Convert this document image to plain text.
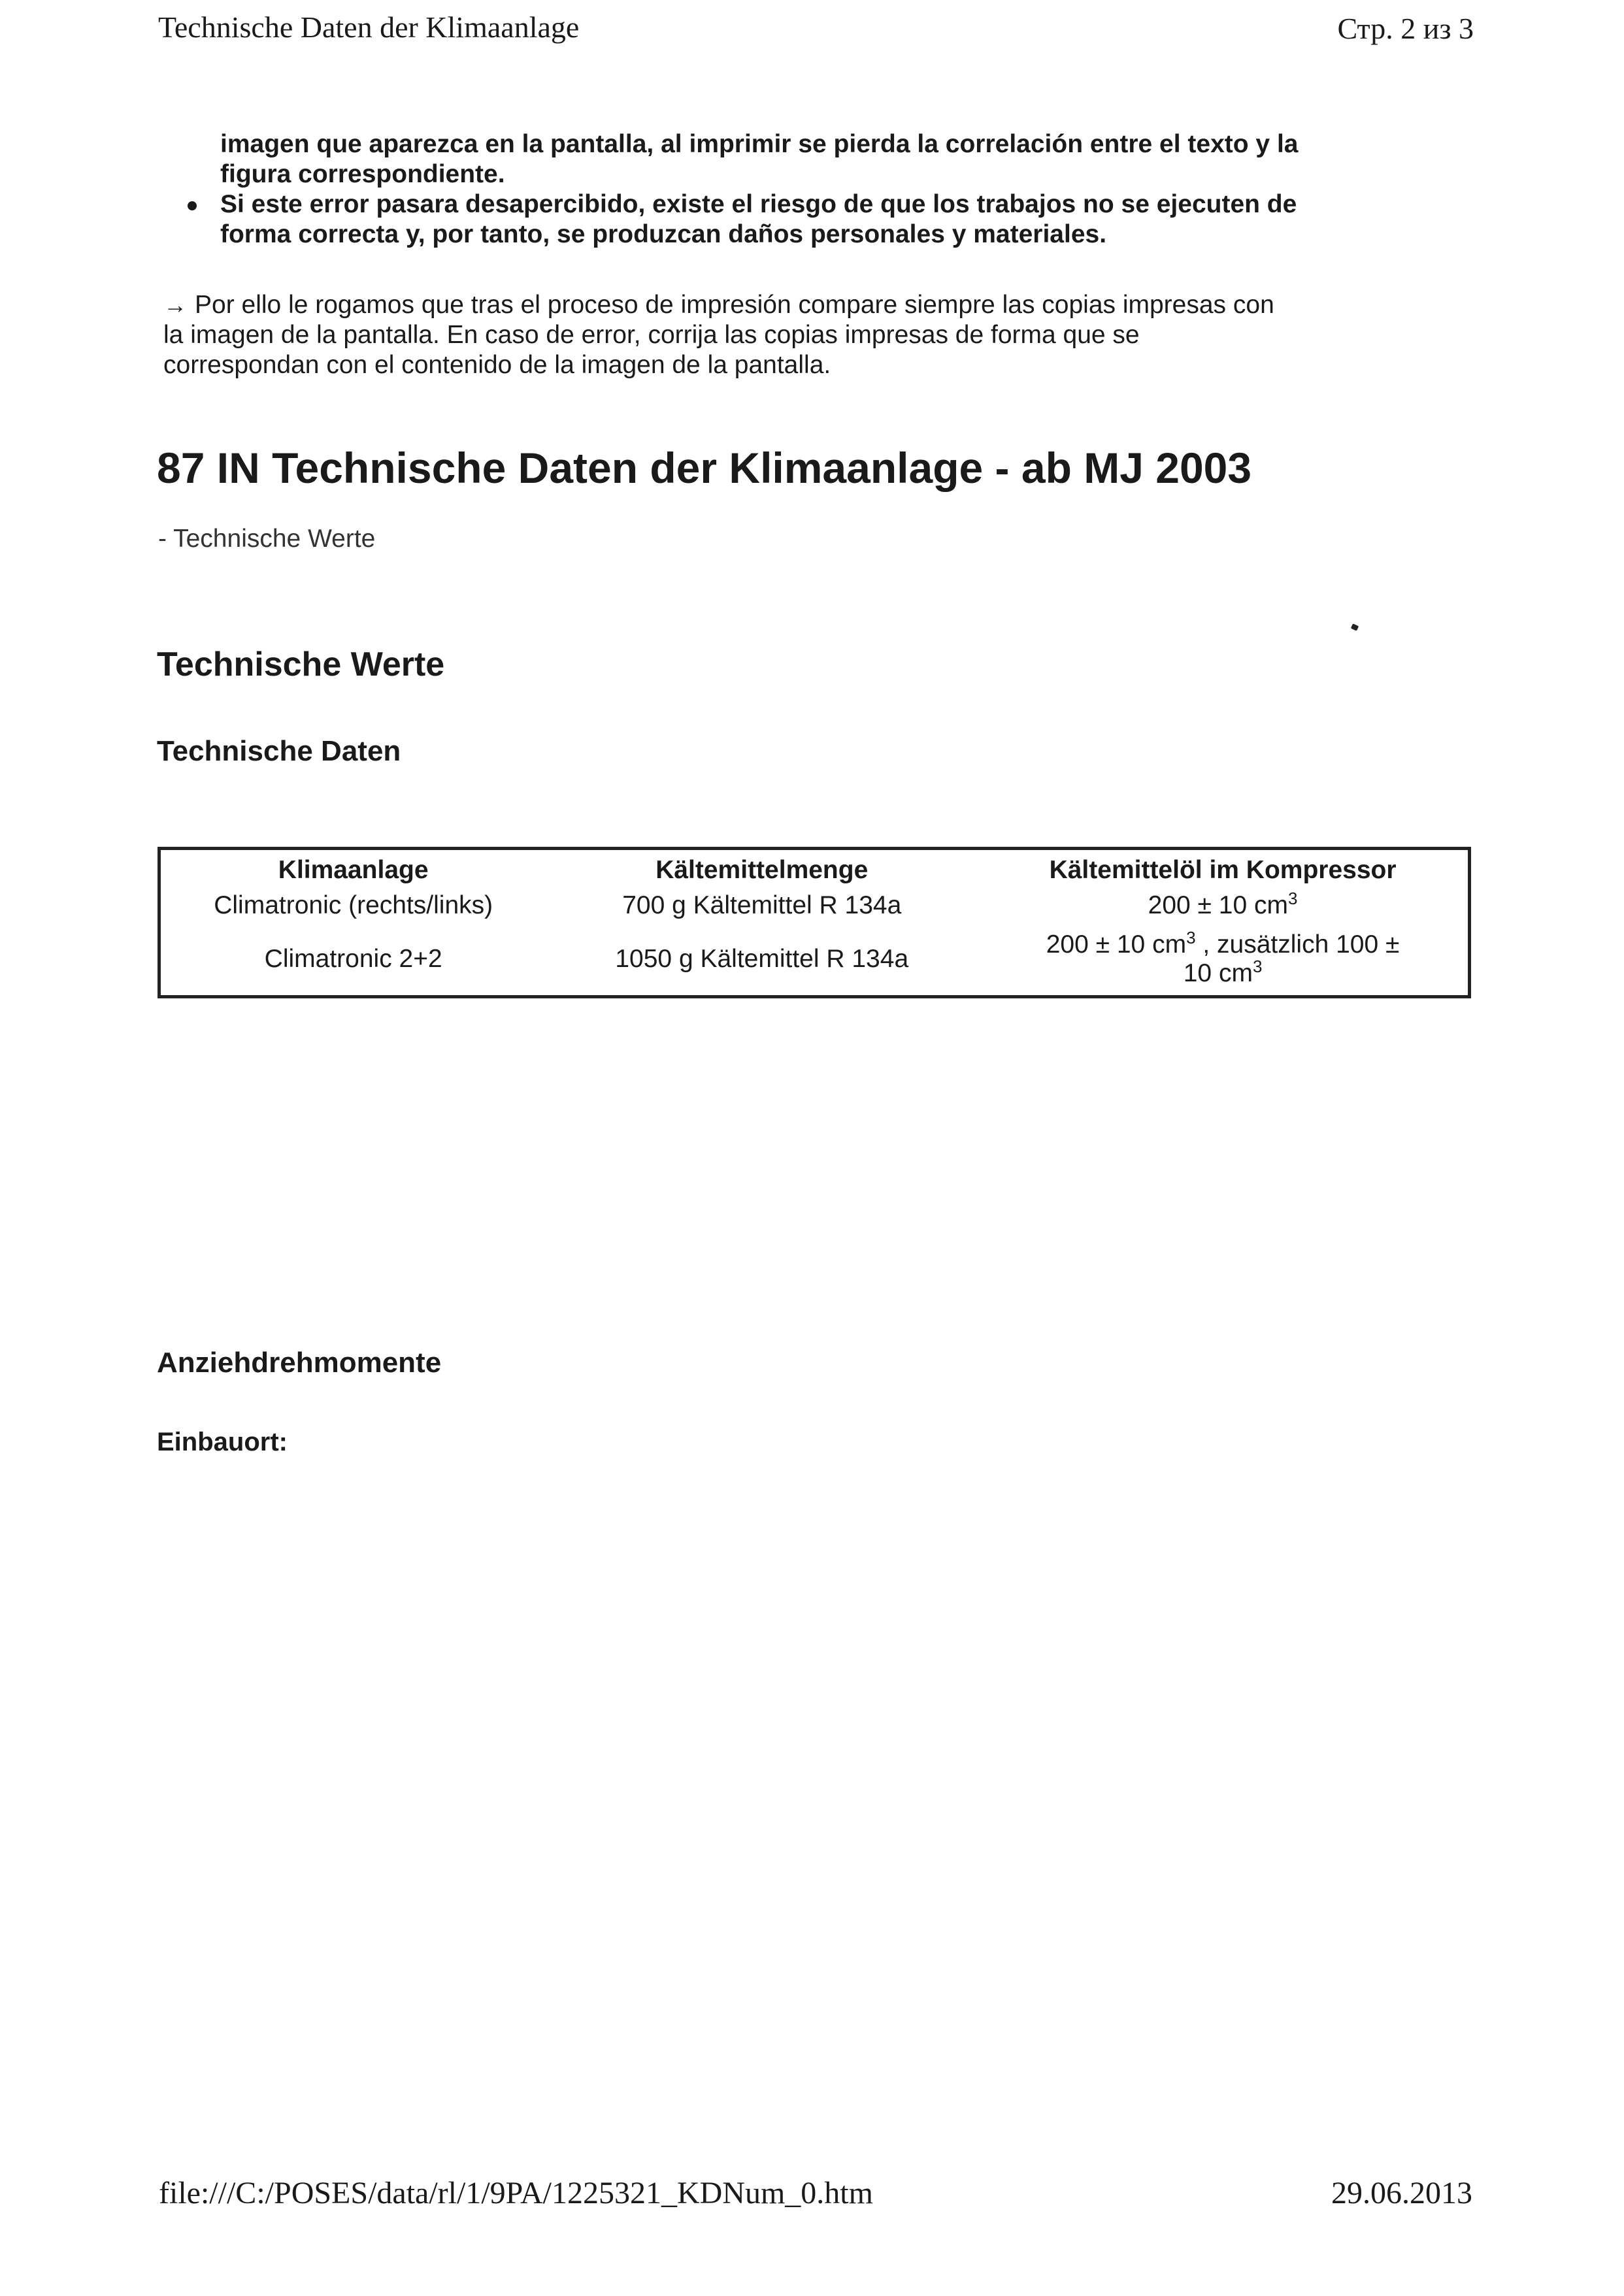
Technische Daten der Klimaanlage	Стр. 2 из 3
imagen que aparezca en la pantalla, al imprimir se pierda la correlación entre el texto y la
figura correspondiente.
Si este error pasara desapercibido, existe el riesgo de que los trabajos no se ejecuten de
forma correcta y, por tanto, se produzcan daños personales y materiales.
→ Por ello le rogamos que tras el proceso de impresión compare siempre las copias impresas con
la imagen de la pantalla. En caso de error, corrija las copias impresas de forma que se
correspondan con el contenido de la imagen de la pantalla.
87 IN Technische Daten der Klimaanlage - ab MJ 2003
- Technische Werte
Technische Werte
Technische Daten
Klimaanlage	Kältemittelmenge	Kältemittelöl im Kompressor
Climatronic (rechts/links)	700 g Kältemittel R 134a	200 ± 10 $cm^3$
Climatronic 2+2	1050 g Kältemittel R 134a	200 ± 10 $cm^3$ , zusätzlich 100 ±
10 $cm^3$
Anziehdrehmomente
Einbauort:
file:///C:/POSES/data/rl/1/9PA/1225321_KDNum_0.htm	29.06.2013
